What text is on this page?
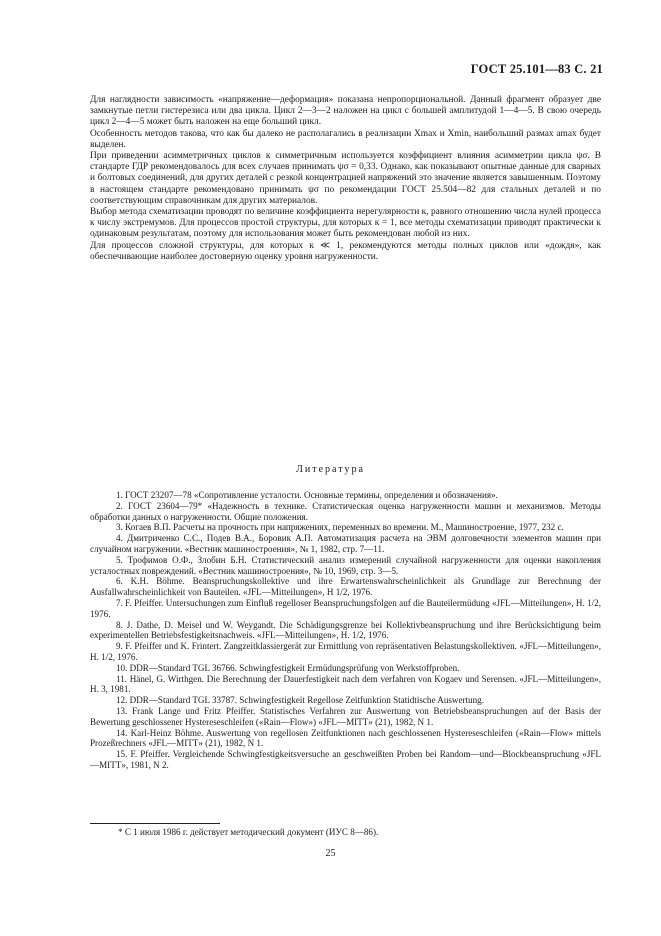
ГОСТ 25.101—83 С. 21

Для наглядности зависимость «напряжение—деформация» показана непропорциональной. Данный фрагмент образует две замкнутые петли гистерезиса или два цикла. Цикл 2—3—2 наложен на цикл с большей амплитудой 1—4—5. В свою очередь цикл 2—4—5 может быть наложен на еще больший цикл.

Особенность методов такова, что как бы далеко не располагались в реализации Xmax и Xmin, наибольший размах amax будет выделен.

При приведении асимметричных циклов к симметричным используется коэффициент влияния асимметрии цикла ψσ. В стандарте ГДР рекомендовалось для всех случаев принимать ψσ = 0,33. Однако, как показывают опытные данные для сварных и болтовых соединений, для других деталей с резкой концентрацией напряжений это значение является завышенным. Поэтому в настоящем стандарте рекомендовано принимать ψσ по рекомендации ГОСТ 25.504—82 для стальных деталей и по соответствующим справочникам для других материалов.

Выбор метода схематизации проводят по величине коэффициента нерегулярности к, равного отношению числа нулей процесса к числу экстремумов. Для процессов простой структуры, для которых к = 1, все методы схематизации приводят практически к одинаковым результатам, поэтому для использования может быть рекомендован любой из них.

Для процессов сложной структуры, для которых к ≪ 1, рекомендуются методы полных циклов или «дождя», как обеспечивающие наиболее достоверную оценку уровня нагруженности.

Литература

1. ГОСТ 23207—78 «Сопротивление усталости. Основные термины, определения и обозначения».

2. ГОСТ 23604—79* «Надежность в технике. Статистическая оценка нагруженности машин и механизмов. Методы обработки данных о нагруженности. Общие положения.

3. Когаев В.П. Расчеты на прочность при напряжениях, переменных во времени. М., Машиностроение, 1977, 232 с.

4. Дмитриченко С.С., Подев В.А., Боровик А.П. Автоматизация расчета на ЭВМ долговечности элементов машин при случайном нагружении. «Вестник машиностроения», № 1, 1982, стр. 7—11.

5. Трофимов О.Ф., Злобин Б.Н. Статистический анализ измерений случайной нагруженности для оценки накопления усталостных повреждений. «Вестник машиностроения», № 10, 1969, стр. 3—5.

6. K.H. Böhme. Beanspruchungskollektive und ihre Erwartenswahrscheinlichkeit als Grundlage zur Berechnung der Ausfallwahrscheinlichkeit von Bauteilen. «JFL—Mitteilungen», H 1/2, 1976.

7. F. Pfeiffer. Untersuchungen zum Einfluß regelloser Beanspruchungsfolgen auf die Bauteilermüdung «JFL—Mitteilungen», H. 1/2, 1976.

8. J. Dathe, D. Meisel und W. Weygandt. Die Schädigungsgrenze bei Kollektivbeanspruchung und ihre Berücksichtigung beim experimentellen Betriebsfestigkeitsnachweis. «JFL—Mitteilungen», H. 1/2, 1976.

9. F. Pfeiffer und K. Frintert. Zangzeitklassiergerät zur Ermittlung von repräsentativen Belastungskollektiven. «JFL—Mitteilungen», H. 1/2, 1976.

10. DDR—Standard TGL 36766. Schwingfestigkeit Ermüdungsprüfung von Werkstoffproben.

11. Hänel, G. Wirthgen. Die Berechnung der Dauerfestigkeit nach dem verfahren von Kogaev und Serensen. «JFL—Mitteilungen», H. 3, 1981.

12. DDR—Standard TGL 33787. Schwingfestigkeit Regellose Zeitfunktion Statidtische Auswertung.

13. Frank Lange und Fritz Pfeiffer. Statistisches Verfahren zur Auswertung von Betriebsbeanspruchungen auf der Basis der Bewertung geschlossener Hystereseschleifen («Rain—Flow») «JFL—MITT» (21), 1982, N 1.

14. Karl-Heinz Böhme. Auswertung von regellosen Zeitfunktionen nach geschlossenen Hystereseschleifen («Rain—Flow» mittels Prozeßrechners «JFL—MITT» (21), 1982, N 1.

15. F. Pfeiffer. Vergleichende Schwingfestigkeitsversuche an geschweißten Proben bei Random—und—Blockbeanspruchung «JFL—MITT», 1981, N 2.

* С 1 июля 1986 г. действует методический документ (ИУС 8—86).
25
